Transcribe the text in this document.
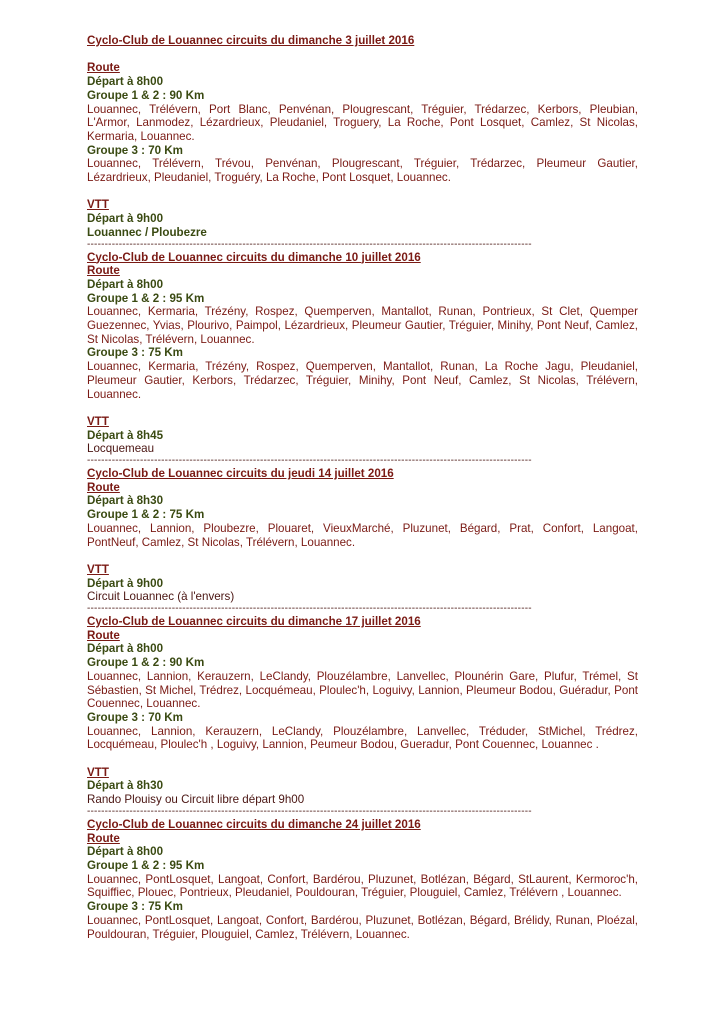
Cyclo-Club de Louannec circuits du dimanche 3 juillet 2016
Route
Départ à 8h00
Groupe 1 & 2 : 90 Km
Louannec, Trélévern, Port Blanc, Penvénan, Plougrescant, Tréguier, Trédarzec, Kerbors, Pleubian, L'Armor, Lanmodez, Lézardrieux, Pleudaniel, Troguery, La Roche, Pont Losquet, Camlez, St Nicolas, Kermaria, Louannec.
Groupe 3 : 70 Km
Louannec, Trélévern, Trévou, Penvénan, Plougrescant, Tréguier, Trédarzec, Pleumeur Gautier, Lézardrieux, Pleudaniel, Troguéry, La Roche, Pont Losquet, Louannec.
VTT
Départ à 9h00
Louannec / Ploubezre
------------------------------------------------------------------------------------------------------------------------------
Cyclo-Club de Louannec circuits du dimanche 10 juillet 2016
Route
Départ à 8h00
Groupe 1 & 2 : 95 Km
Louannec, Kermaria, Trézény, Rospez, Quemperven, Mantallot, Runan, Pontrieux, St Clet, Quemper Guezennec, Yvias, Plourivo, Paimpol, Lézardrieux, Pleumeur Gautier, Tréguier, Minihy, Pont Neuf, Camlez, St Nicolas, Trélévern, Louannec.
Groupe 3 : 75 Km
Louannec, Kermaria, Trézény, Rospez, Quemperven, Mantallot, Runan, La Roche Jagu, Pleudaniel, Pleumeur Gautier, Kerbors, Trédarzec, Tréguier, Minihy, Pont Neuf, Camlez, St Nicolas, Trélévern, Louannec.
VTT
Départ à 8h45
Locquemeau
------------------------------------------------------------------------------------------------------------------------------
Cyclo-Club de Louannec circuits du jeudi 14 juillet 2016
Route
Départ à 8h30
Groupe 1 & 2 : 75 Km
Louannec, Lannion, Ploubezre, Plouaret, VieuxMarché, Pluzunet, Bégard, Prat, Confort, Langoat, PontNeuf, Camlez, St Nicolas, Trélévern, Louannec.
VTT
Départ à 9h00
Circuit Louannec (à l'envers)
------------------------------------------------------------------------------------------------------------------------------
Cyclo-Club de Louannec circuits du dimanche 17 juillet 2016
Route
Départ à 8h00
Groupe 1 & 2 : 90 Km
Louannec, Lannion, Kerauzern, LeClandy, Plouzélambre, Lanvellec, Plounérin Gare, Plufur, Trémel, St Sébastien, St Michel, Trédrez, Locquémeau, Ploulec'h, Loguivy, Lannion, Pleumeur Bodou, Guéradur, Pont Couennec, Louannec.
Groupe 3 : 70 Km
Louannec, Lannion, Kerauzern, LeClandy, Plouzélambre, Lanvellec, Tréduder, StMichel, Trédrez, Locquémeau, Ploulec'h , Loguivy, Lannion, Peumeur Bodou, Gueradur, Pont Couennec, Louannec .
VTT
Départ à 8h30
Rando Plouisy ou Circuit libre départ 9h00
------------------------------------------------------------------------------------------------------------------------------
Cyclo-Club de Louannec circuits du dimanche 24 juillet 2016
Route
Départ à 8h00
Groupe 1 & 2 : 95 Km
Louannec, PontLosquet, Langoat, Confort, Bardérou, Pluzunet, Botlézan, Bégard, StLaurent, Kermoroc'h, Squiffiec, Plouec, Pontrieux, Pleudaniel, Pouldouran, Tréguier, Plouguiel, Camlez, Trélévern , Louannec.
Groupe 3 : 75 Km
Louannec, PontLosquet, Langoat, Confort, Bardérou, Pluzunet, Botlézan, Bégard, Brélidy, Runan, Ploézal, Pouldouran, Tréguier, Plouguiel, Camlez, Trélévern, Louannec.
